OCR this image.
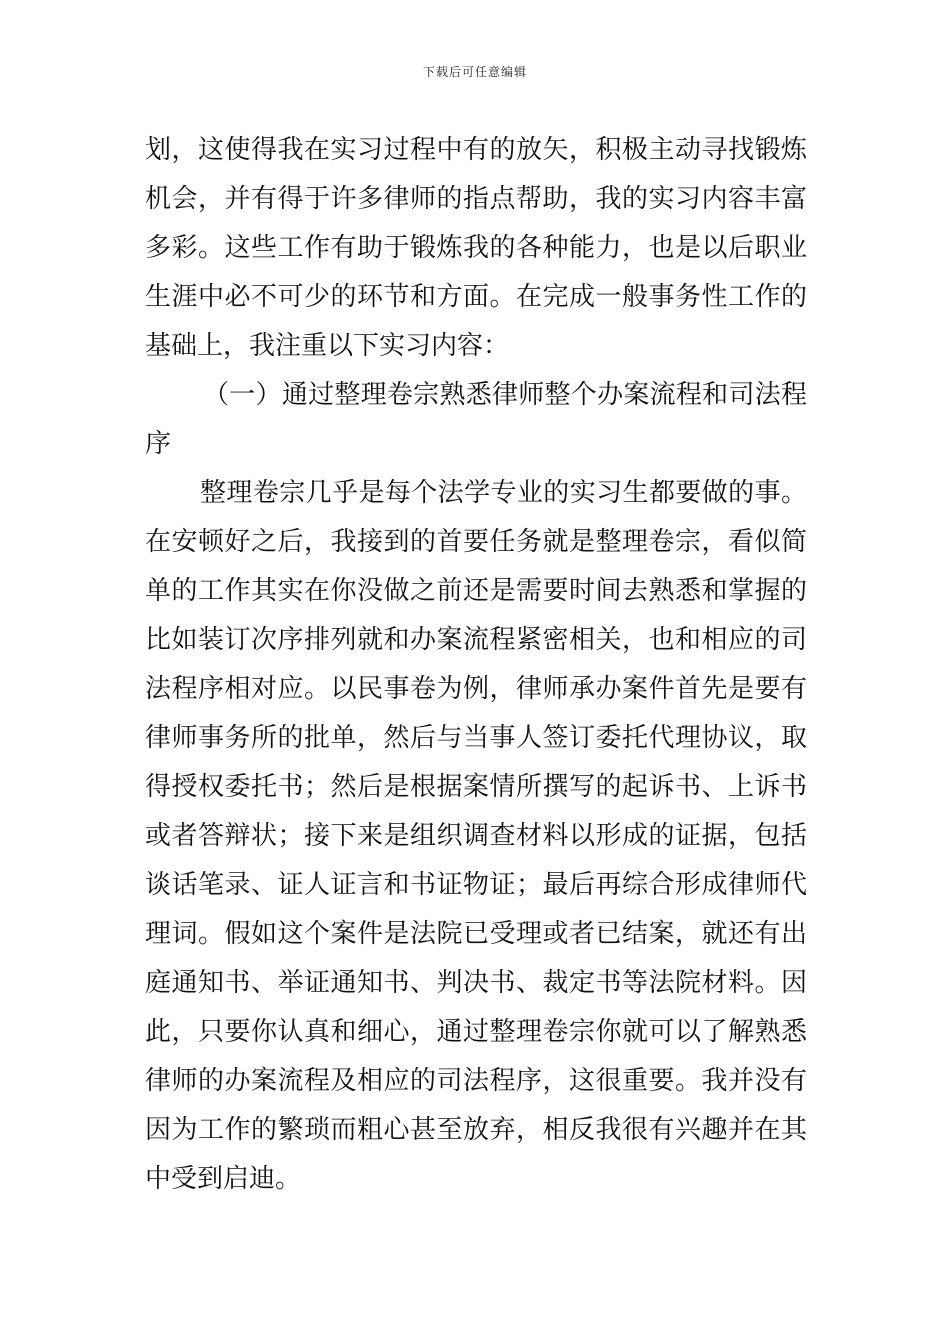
下载后可任意编辑
划，这使得我在实习过程中有的放矢，积极主动寻找锻炼
机会，并有得于许多律师的指点帮助，我的实习内容丰富
多彩。这些工作有助于锻炼我的各种能力，也是以后职业
生涯中必不可少的环节和方面。在完成一般事务性工作的
基础上，我注重以下实习内容：
（一）通过整理卷宗熟悉律师整个办案流程和司法程
序
整理卷宗几乎是每个法学专业的实习生都要做的事。
在安顿好之后，我接到的首要任务就是整理卷宗，看似简
单的工作其实在你没做之前还是需要时间去熟悉和掌握的
比如装订次序排列就和办案流程紧密相关，也和相应的司
法程序相对应。以民事卷为例，律师承办案件首先是要有
律师事务所的批单，然后与当事人签订委托代理协议，取
得授权委托书；然后是根据案情所撰写的起诉书、上诉书
或者答辩状；接下来是组织调查材料以形成的证据，包括
谈话笔录、证人证言和书证物证；最后再综合形成律师代
理词。假如这个案件是法院已受理或者已结案，就还有出
庭通知书、举证通知书、判决书、裁定书等法院材料。因
此，只要你认真和细心，通过整理卷宗你就可以了解熟悉
律师的办案流程及相应的司法程序，这很重要。我并没有
因为工作的繁琐而粗心甚至放弃，相反我很有兴趣并在其
中受到启迪。
